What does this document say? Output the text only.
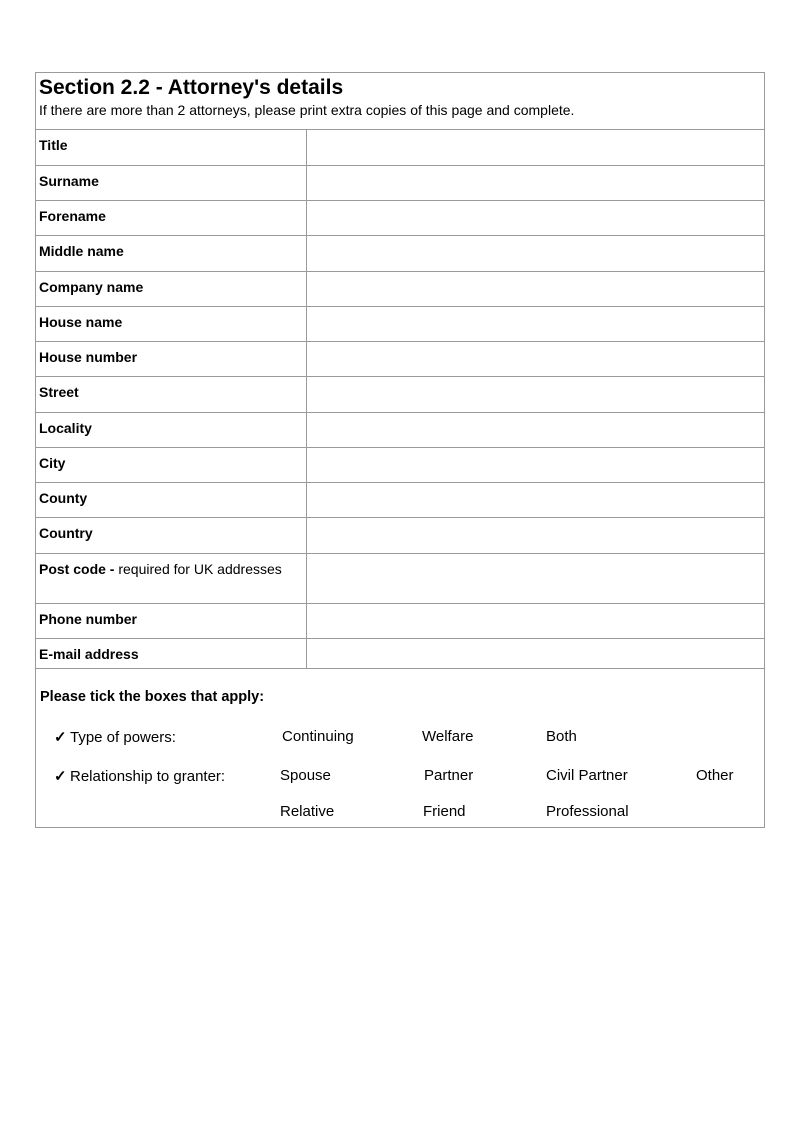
Section 2.2 - Attorney's details

If there are more than 2 attorneys, please print extra copies of this page and complete.

Title	
Surname	
Forename	
Middle name	
Company name	
House name	
House number	
Street	
Locality	
City	
County	
Country	
Post code - required for UK addresses	
Phone number	
E-mail address	
Please tick the boxes that apply:
✓ Type of powers:	Continuing	Welfare	Both
✓ Relationship to granter:	Spouse	Partner	Civil Partner	Other
Relative	Friend	Professional
